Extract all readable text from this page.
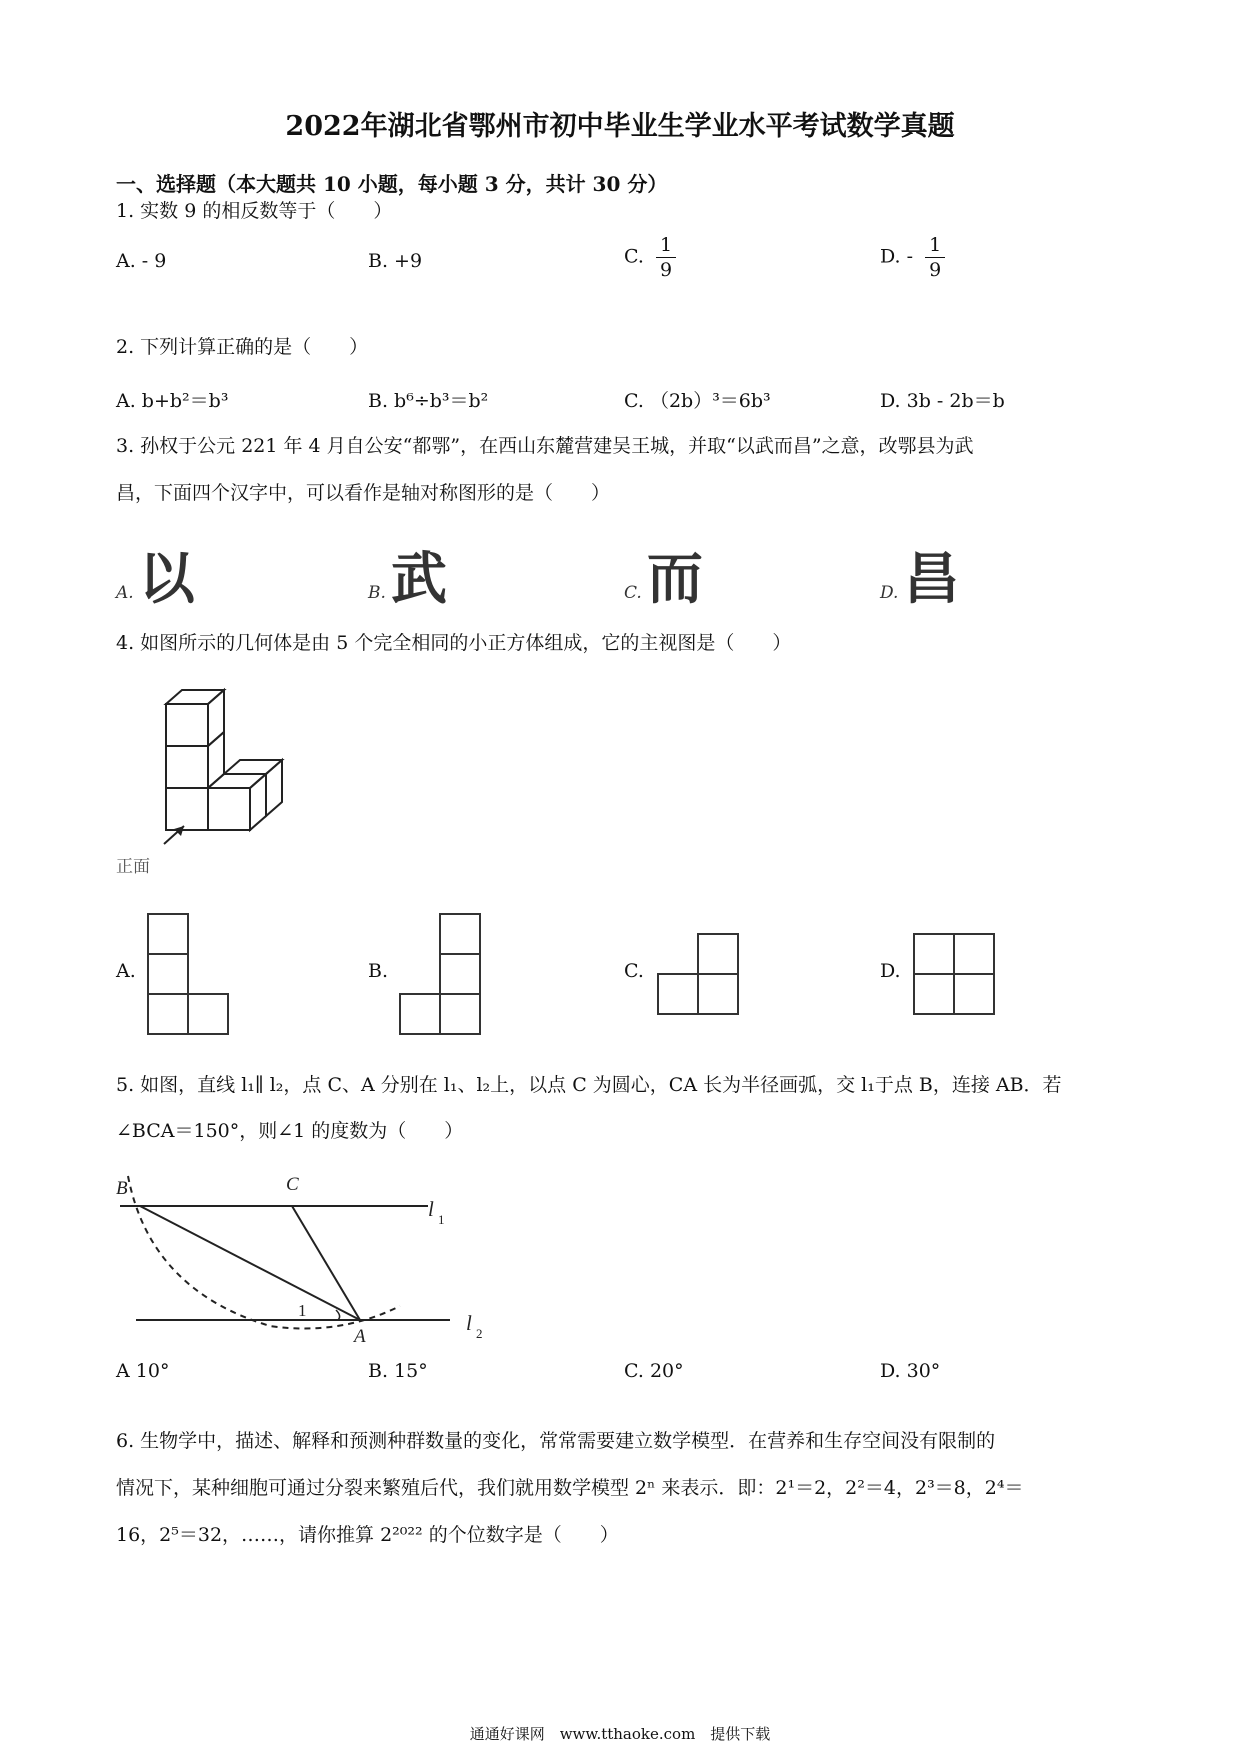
2022年湖北省鄂州市初中毕业生学业水平考试数学真题
一、选择题（本大题共 10 小题，每小题 3 分，共计 30 分）
1. 实数 9 的相反数等于（　　）
A. - 9	B. +9	C. $\frac{1}{9}$	D. - $\frac{1}{9}$
2. 下列计算正确的是（　　）
A. b+b²＝b³	B. b⁶÷b³＝b²	C. （2b）³＝6b³	D. 3b - 2b＝b
3. 孙权于公元 221 年 4 月自公安“都鄂”，在西山东麓营建吴王城，并取“以武而昌”之意，改鄂县为武
昌，下面四个汉字中，可以看作是轴对称图形的是（　　）
A. 以	B. 武	C. 而	D. 昌
4. 如图所示的几何体是由 5 个完全相同的小正方体组成，它的主视图是（　　）
正面
A.	B.	C.	D.
5. 如图，直线 l₁∥ l₂，点 C、A 分别在 l₁、l₂上，以点 C 为圆心，CA 长为半径画弧，交 l₁于点 B，连接 AB．若
∠BCA＝150°，则∠1 的度数为（　　）
B	C
A
1
l 1
l 2
A 10°	B. 15°	C. 20°	D. 30°
6. 生物学中，描述、解释和预测种群数量的变化，常常需要建立数学模型．在营养和生存空间没有限制的
情况下，某种细胞可通过分裂来繁殖后代，我们就用数学模型 2ⁿ 来表示．即：2¹＝2，2²＝4，2³＝8，2⁴＝
16，2⁵＝32，……，请你推算 2²⁰²² 的个位数字是（　　）
通通好课网　www.tthaoke.com　提供下载
